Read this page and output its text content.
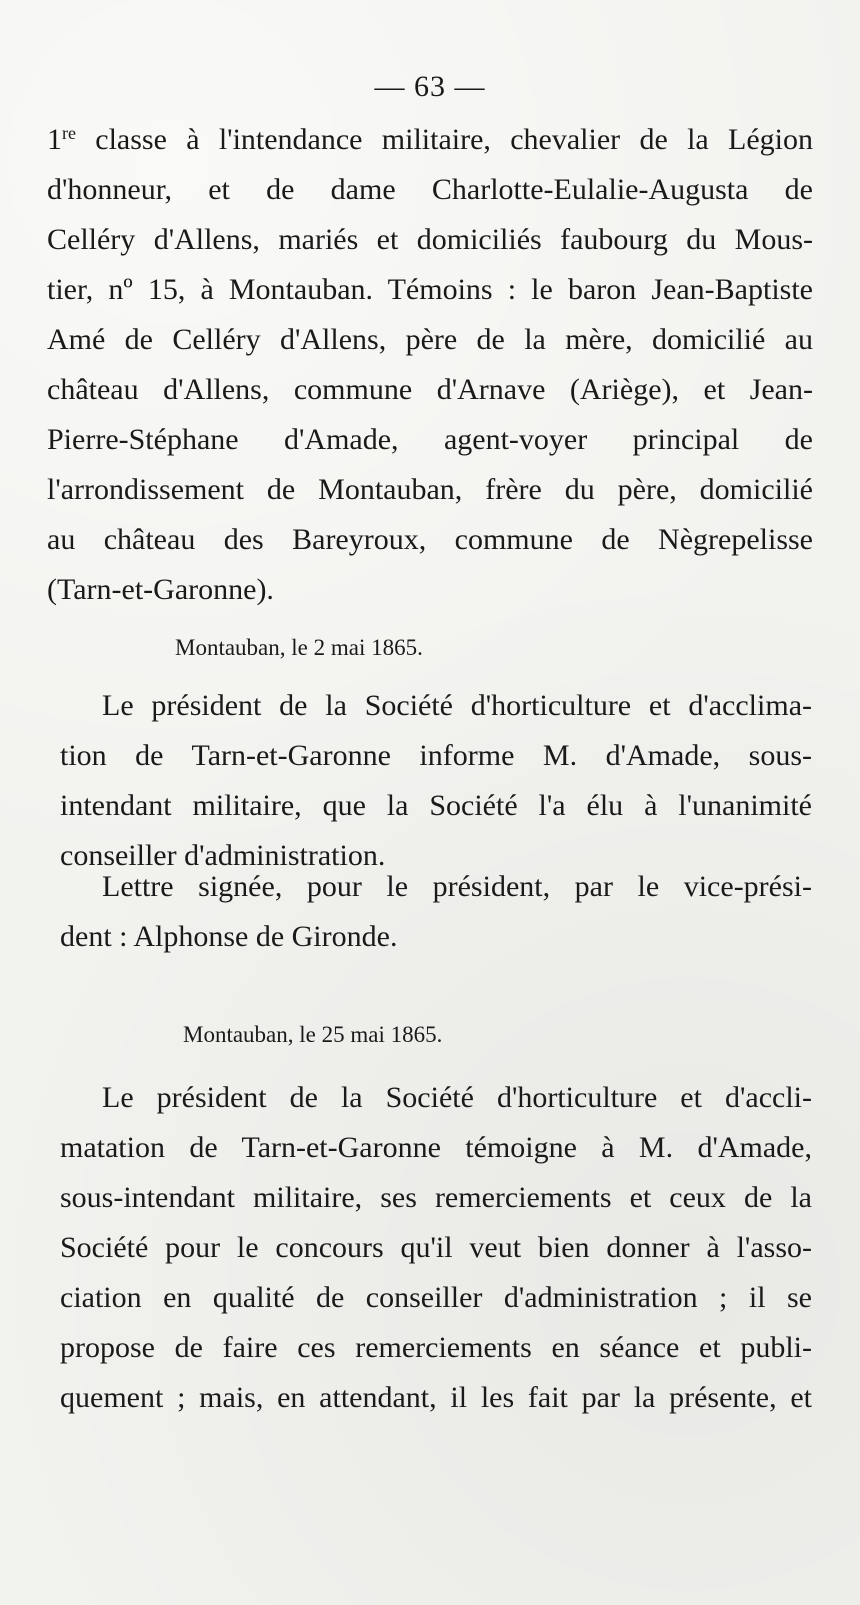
— 63 —
1re classe à l'intendance militaire, chevalier de la Légion
d'honneur, et de dame Charlotte-Eulalie-Augusta de
Celléry d'Allens, mariés et domiciliés faubourg du Mous-
tier, nº 15, à Montauban. Témoins : le baron Jean-Baptiste
Amé de Celléry d'Allens, père de la mère, domicilié au
château d'Allens, commune d'Arnave (Ariège), et Jean-
Pierre-Stéphane d'Amade, agent-voyer principal de
l'arrondissement de Montauban, frère du père, domicilié
au château des Bareyroux, commune de Nègrepelisse
(Tarn-et-Garonne).
Montauban, le 2 mai 1865.
Le président de la Société d'horticulture et d'acclima-
tion de Tarn-et-Garonne informe M. d'Amade, sous-
intendant militaire, que la Société l'a élu à l'unanimité
conseiller d'administration.
Lettre signée, pour le président, par le vice-prési-
dent : Alphonse de Gironde.
Montauban, le 25 mai 1865.
Le président de la Société d'horticulture et d'accli-
matation de Tarn-et-Garonne témoigne à M. d'Amade,
sous-intendant militaire, ses remerciements et ceux de la
Société pour le concours qu'il veut bien donner à l'asso-
ciation en qualité de conseiller d'administration ; il se
propose de faire ces remerciements en séance et publi-
quement ; mais, en attendant, il les fait par la présente, et
